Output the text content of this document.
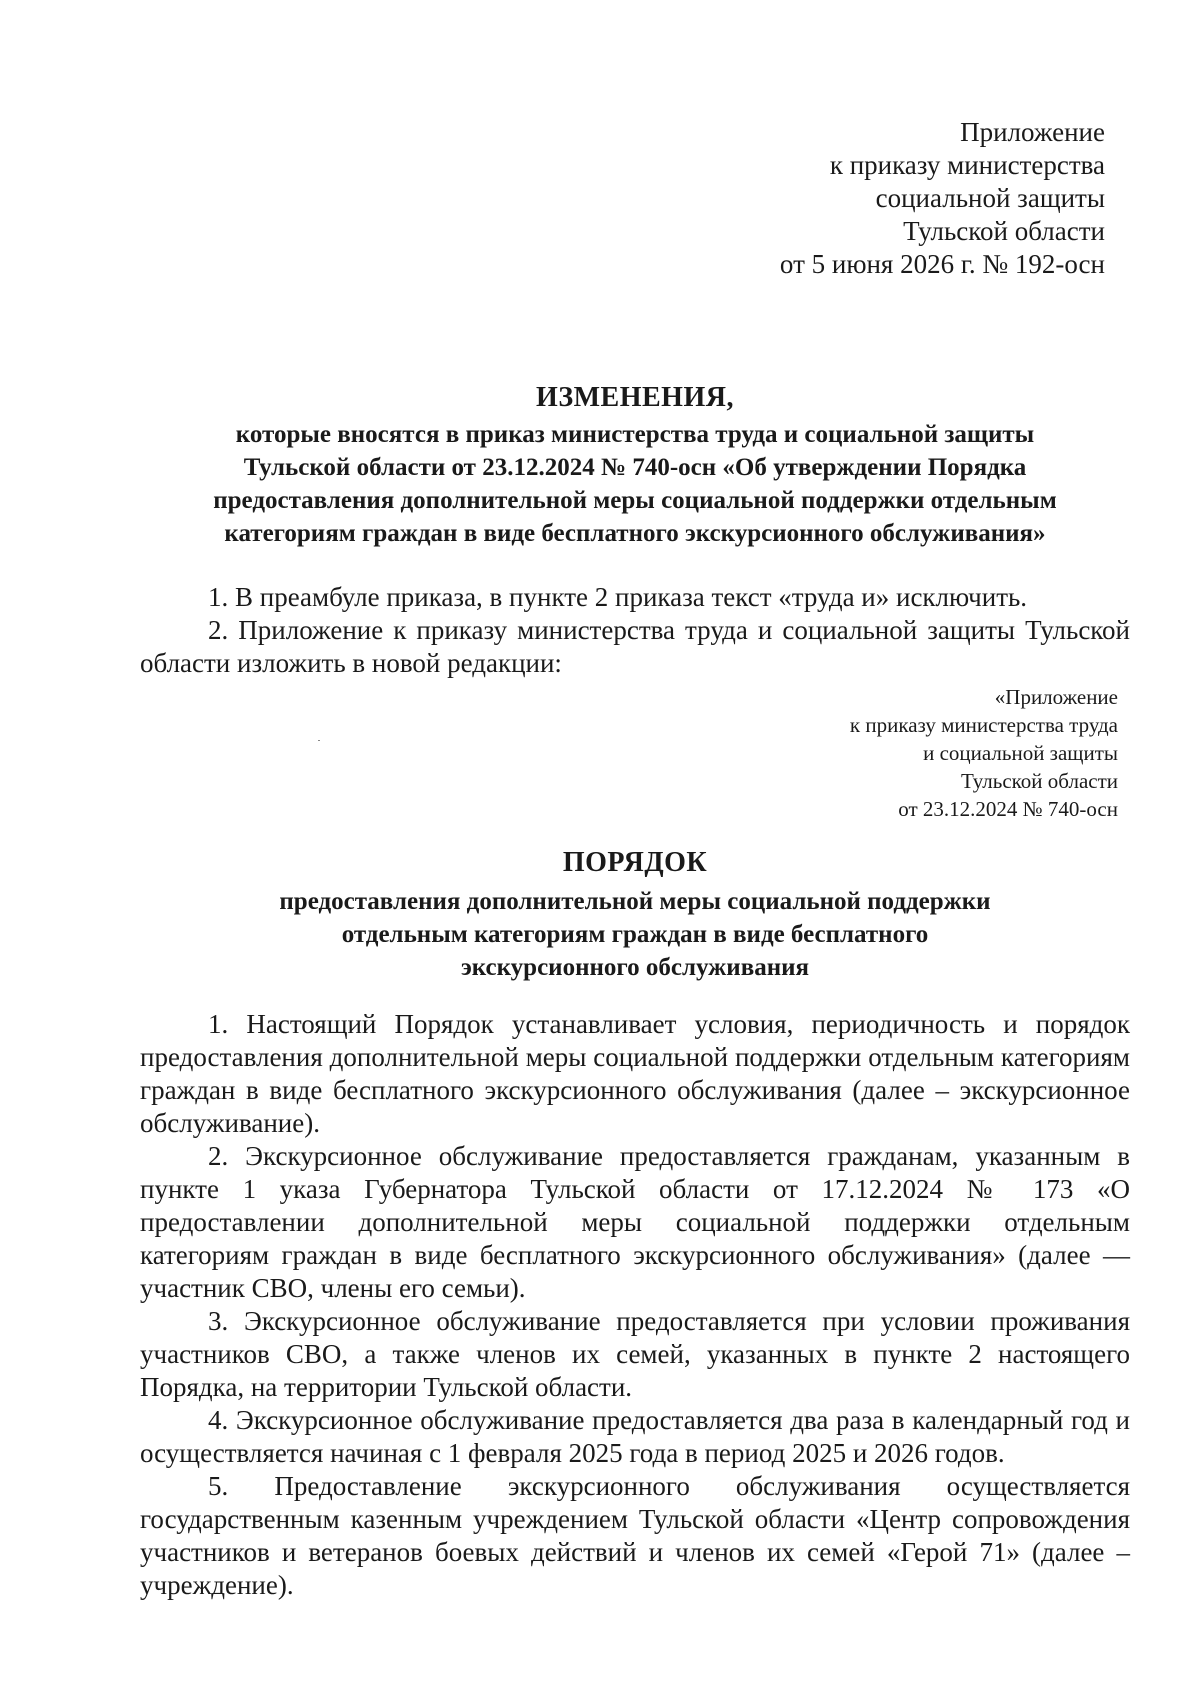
Приложение
к приказу министерства
социальной защиты
Тульской области
от 5 июня 2026 г. № 192-осн
ИЗМЕНЕНИЯ,
которые вносятся в приказ министерства труда и социальной защиты
Тульской области от 23.12.2024 № 740-осн «Об утверждении Порядка
предоставления дополнительной меры социальной поддержки отдельным
категориям граждан в виде бесплатного экскурсионного обслуживания»

1. В преамбуле приказа, в пункте 2 приказа текст «труда и» исключить.

2. Приложение к приказу министерства труда и социальной защиты Тульской области изложить в новой редакции:

«Приложение
к приказу министерства труда
и социальной защиты
Тульской области
от 23.12.2024 № 740-осн
ПОРЯДОК
предоставления дополнительной меры социальной поддержки
отдельным категориям граждан в виде бесплатного
экскурсионного обслуживания

1. Настоящий Порядок устанавливает условия, периодичность и порядок предоставления дополнительной меры социальной поддержки отдельным категориям граждан в виде бесплатного экскурсионного обслуживания (далее – экскурсионное обслуживание).

2. Экскурсионное обслуживание предоставляется гражданам, указанным в пункте 1 указа Губернатора Тульской области от 17.12.2024 № 173 «О предоставлении дополнительной меры социальной поддержки отдельным категориям граждан в виде бесплатного экскурсионного обслуживания» (далее — участник СВО, члены его семьи).

3. Экскурсионное обслуживание предоставляется при условии проживания участников СВО, а также членов их семей, указанных в пункте 2 настоящего Порядка, на территории Тульской области.

4. Экскурсионное обслуживание предоставляется два раза в календарный год и осуществляется начиная с 1 февраля 2025 года в период 2025 и 2026 годов.

5. Предоставление экскурсионного обслуживания осуществляется государственным казенным учреждением Тульской области «Центр сопровождения участников и ветеранов боевых действий и членов их семей «Герой 71» (далее – учреждение).
